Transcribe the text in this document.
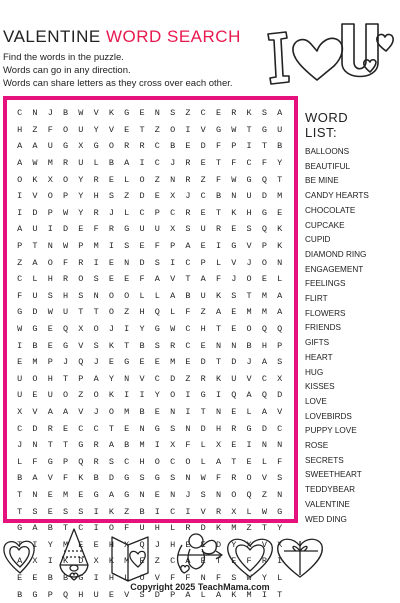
VALENTINE WORD SEARCH
Find the words in the puzzle.
Words can go in any direction.
Words can share letters as they cross over each other.
C	N	J	B	W	V	K	G	E	N	S	Z	C	E	R	K	S	A
H	Z	F	O	U	Y	V	E	T	Z	O	I	V	G	W	T	G	U
A	A	U	G	X	G	O	R	R	C	B	E	D	F	P	I	T	B
A	W	M	R	U	L	B	A	I	C	J	R	E	T	F	C	F	Y
O	K	X	O	Y	R	E	L	O	Z	N	R	Z	F	W	G	Q	T
I	V	O	P	Y	H	S	Z	D	E	X	J	C	B	N	U	D	M
I	D	P	W	Y	R	J	L	C	P	C	R	E	T	K	H	G	E
A	U	I	D	E	F	R	G	U	U	X	S	U	R	E	S	Q	K
P	T	N	W	P	M	I	S	E	F	P	A	E	I	G	V	P	K
Z	A	O	F	R	I	E	N	D	S	I	C	P	L	V	J	O	N
C	L	H	R	O	S	E	E	F	A	V	T	A	F	J	O	E	L
F	U	S	H	S	N	O	O	L	L	A	B	U	K	S	T	M	A
G	D	W	U	T	T	O	Z	H	Q	L	F	Z	A	E	M	M	A
W	G	E	Q	X	O	J	I	Y	G	W	C	H	T	E	O	Q	Q
I	B	E	G	V	S	K	T	B	S	R	C	E	N	N	B	H	P
E	M	P	J	Q	J	E	G	E	E	M	E	D	T	D	J	A	S
U	O	H	T	P	A	Y	N	V	C	D	Z	R	K	U	V	C	X
U	E	U	O	Z	O	K	I	I	Y	O	I	G	I	Q	A	Q	D
X	V	A	A	V	J	O	M	B	E	N	I	T	N	E	L	A	V
C	D	R	E	C	C	T	E	N	G	S	N	D	H	R	G	D	C
J	N	T	T	G	R	A	B	M	I	X	F	L	X	E	I	N	N
L	F	G	P	Q	R	S	C	H	O	C	O	L	A	T	E	L	F
B	A	V	F	K	B	D	G	S	G	S	N	W	F	R	O	V	S
T	N	E	M	E	G	A	G	N	E	N	J	S	N	O	Q	Z	N
T	S	E	S	S	I	K	Z	B	I	C	I	V	R	X	L	W	G
G	A	B	T	C	I	O	F	U	H	L	R	D	K	M	Z	T	Y
T	I	Y	M	E	E	H	X	Q	J	H	E	E	D	Y	X	V	X
A	X	I	K	D	X	K	M	E	Z	C	A	E	T	E	F	R	I
E	E	B	B	G	I	H	L	O	V	F	F	N	F	S	W	Y	L
B	G	P	Q	H	U	E	V	S	D	P	A	L	A	K	M	I	T
WORD
LIST:
BALLOONS
BEAUTIFUL
BE MINE
CANDY HEARTS
CHOCOLATE
CUPCAKE
CUPID
DIAMOND RING
ENGAGEMENT
FEELINGS
FLIRT
FLOWERS
FRIENDS
GIFTS
HEART
HUG
KISSES
LOVE
LOVEBIRDS
PUPPY LOVE
ROSE
SECRETS
SWEETHEART
TEDDYBEAR
VALENTINE
WED DING
Copyright 2025 TeachMama.com
